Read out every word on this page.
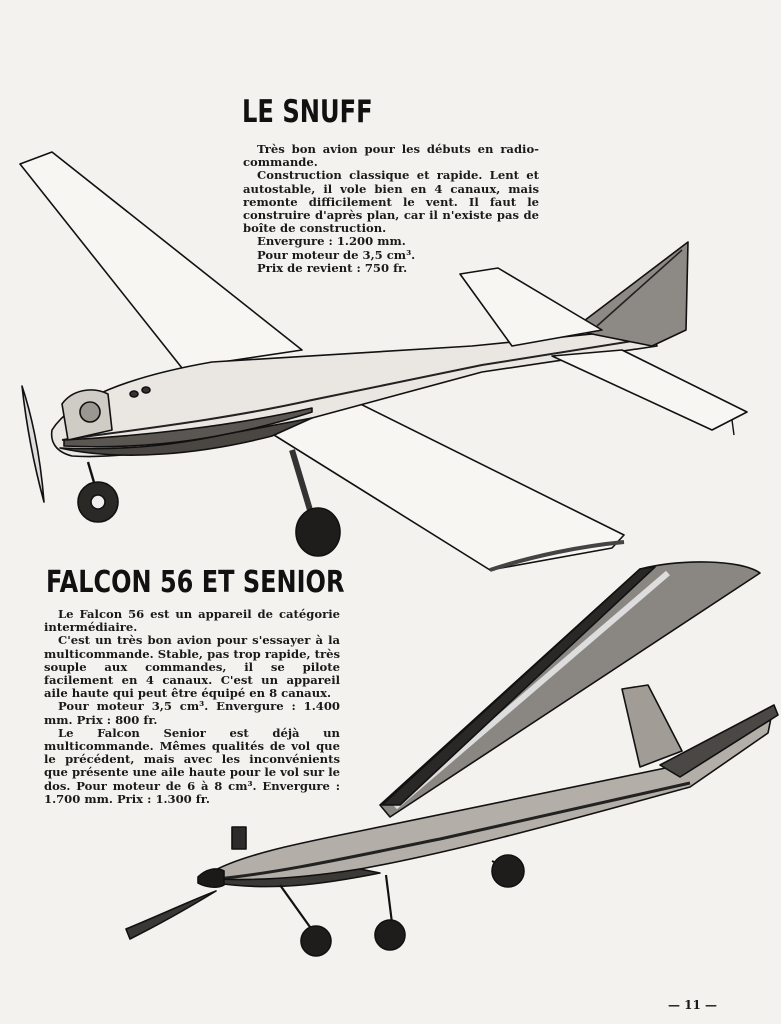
LE SNUFF

Très bon avion pour les débuts en radio-commande.

Construction classique et rapide. Lent et autostable, il vole bien en 4 canaux, mais remonte difficilement le vent. Il faut le construire d'après plan, car il n'existe pas de boîte de construction.

Envergure : 1.200 mm.

Pour moteur de 3,5 cm³.

Prix de revient : 750 fr.

FALCON 56 ET SENIOR

Le Falcon 56 est un appareil de catégorie intermédiaire.

C'est un très bon avion pour s'essayer à la multicommande. Stable, pas trop rapide, très souple aux commandes, il se pilote facilement en 4 canaux. C'est un appareil aile haute qui peut être équipé en 8 canaux.

Pour moteur 3,5 cm³. Envergure : 1.400 mm. Prix : 800 fr.

Le Falcon Senior est déjà un multicommande. Mêmes qualités de vol que le précédent, mais avec les inconvénients que présente une aile haute pour le vol sur le dos. Pour moteur de 6 à 8 cm³. Envergure : 1.700 mm. Prix : 1.300 fr.

— 11 —
